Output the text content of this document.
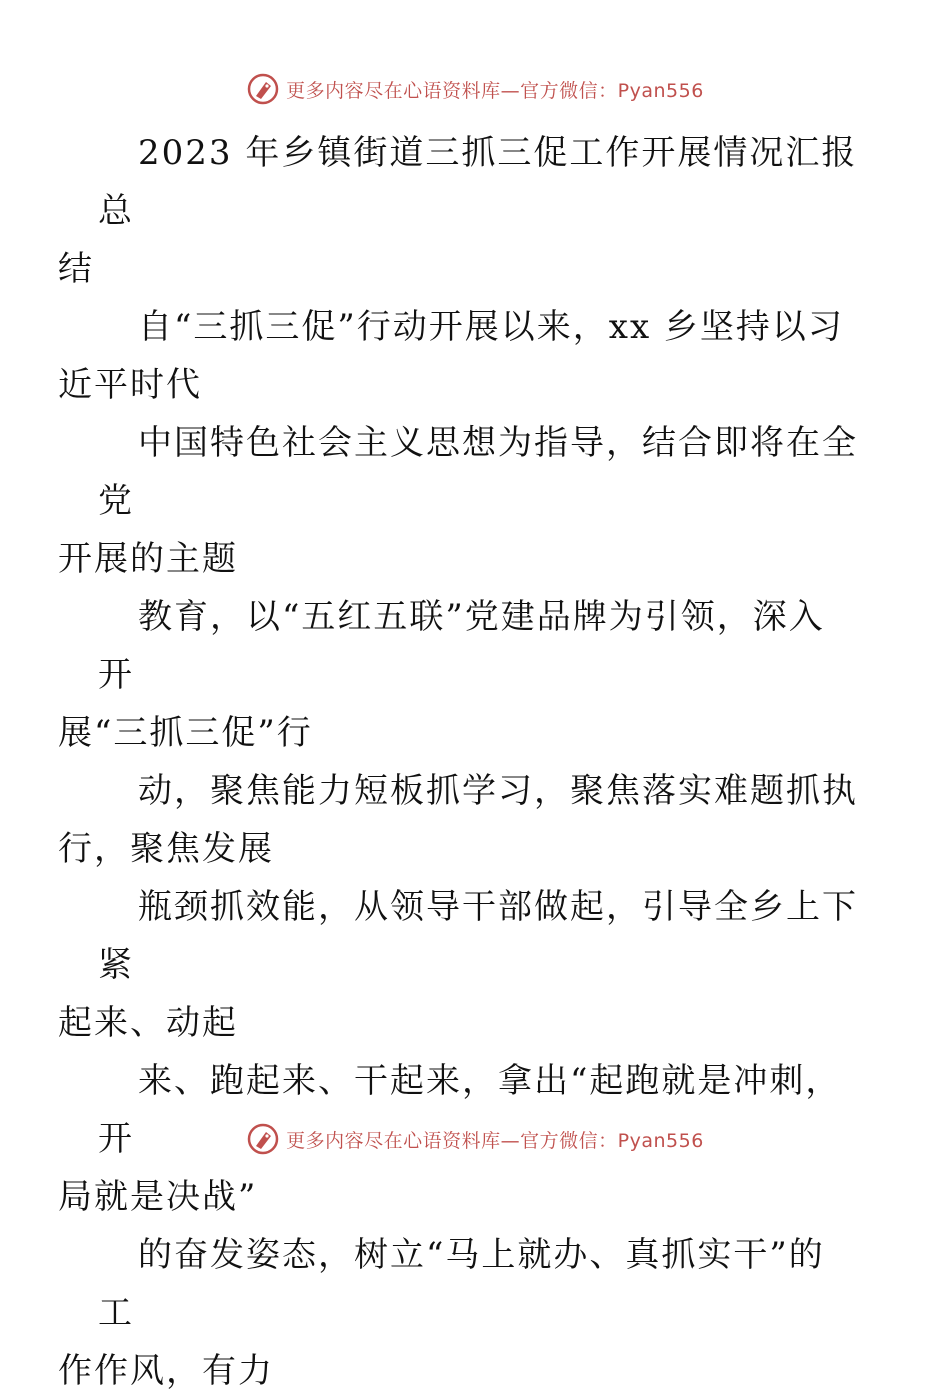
更多内容尽在心语资料库—官方微信：Pyan556

2023 年乡镇街道三抓三促工作开展情况汇报总
结

自“三抓三促”行动开展以来，xx 乡坚持以习
近平时代

中国特色社会主义思想为指导，结合即将在全党
开展的主题

教育，以“五红五联”党建品牌为引领，深入开
展“三抓三促”行

动，聚焦能力短板抓学习，聚焦落实难题抓执
行，聚焦发展

瓶颈抓效能，从领导干部做起，引导全乡上下紧
起来、动起

来、跑起来、干起来，拿出“起跑就是冲刺，开
局就是决战”

的奋发姿态，树立“马上就办、真抓实干”的工
作作风，有力

更多内容尽在心语资料库—官方微信：Pyan556
